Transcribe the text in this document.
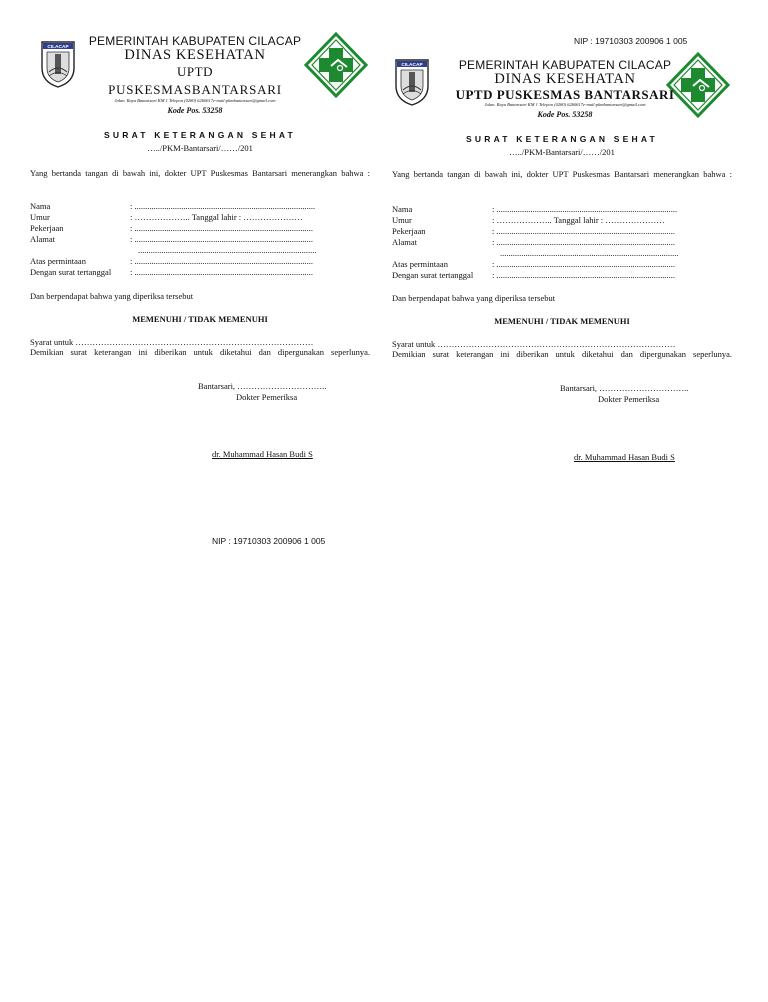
NIP : 19710303 200906 1 005
CILACAP	PEMERINTAH KABUPATEN CILACAP
DINAS KESEHATAN
UPTD
PUSKESMASBANTARSARI
Jalan. Raya Bantarsari KM 1 Telepon (0280) 6260617e-mail:pkmbantarsari@gmail.com
Kode Pos. 53258
SURAT KETERANGAN SEHAT
…../PKM-Bantarsari/……/201
Yang bertanda tangan di bawah ini, dokter UPT Puskesmas Bantarsari menerangkan bahwa :
Nama	: .....................................................................................
Umur	: ……………….. Tanggal lahir : …………………
Pekerjaan	: ....................................................................................
Alamat	: ....................................................................................
....................................................................................
Atas permintaan	: ....................................................................................
Dengan surat tertanggal : ....................................................................................
Dan berpendapat bahwa yang diperiksa tersebut
MEMENUHI / TIDAK MEMENUHI
Syarat untuk …………………………………………………………………………
Demikian surat keterangan ini diberikan untuk diketahui dan dipergunakan seperlunya.
Bantarsari, …………………………..
Dokter Pemeriksa
dr. Muhammad Hasan Budi S
NIP : 19710303 200906 1 005
CILACAP	PEMERINTAH KABUPATEN CILACAP
DINAS KESEHATAN
UPTD PUSKESMAS BANTARSARI
Jalan. Raya Bantarsari KM 1 Telepon (0280) 6260617e-mail:pkmbantarsari@gmail.com
Kode Pos. 53258
SURAT KETERANGAN SEHAT
…../PKM-Bantarsari/……/201
Yang bertanda tangan di bawah ini, dokter UPT Puskesmas Bantarsari menerangkan bahwa :
Nama	: .....................................................................................
Umur	: ……………….. Tanggal lahir : …………………
Pekerjaan	: ....................................................................................
Alamat	: ....................................................................................
....................................................................................
Atas permintaan	: ....................................................................................
Dengan surat tertanggal : ....................................................................................
Dan berpendapat bahwa yang diperiksa tersebut
MEMENUHI / TIDAK MEMENUHI
Syarat untuk …………………………………………………………………………
Demikian surat keterangan ini diberikan untuk diketahui dan dipergunakan seperlunya.
Bantarsari, …………………………..
Dokter Pemeriksa
dr. Muhammad Hasan Budi S
